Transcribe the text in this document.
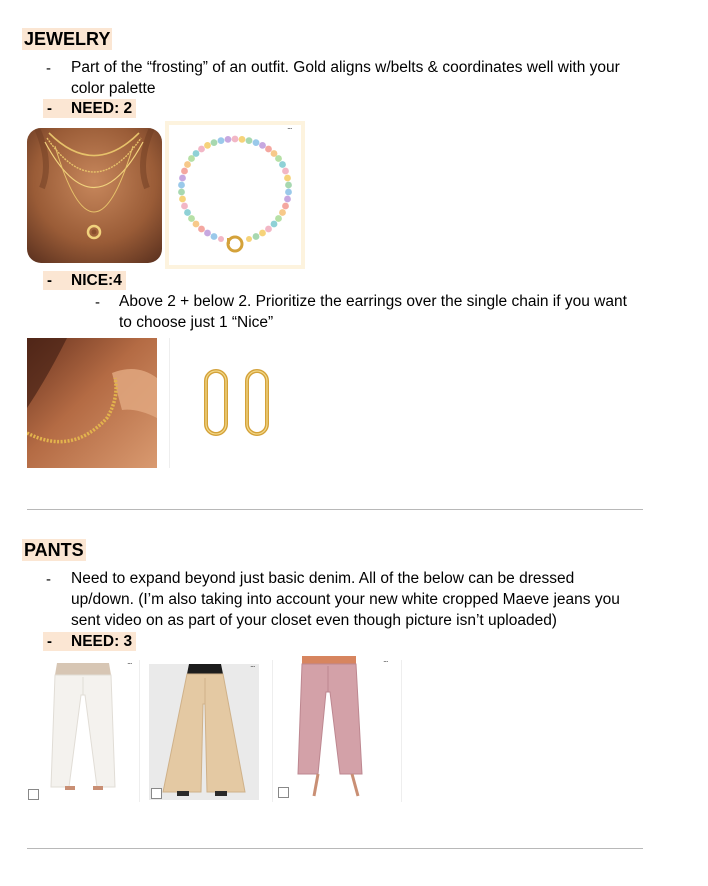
JEWELRY
- Part of the “frosting” of an outfit. Gold aligns w/belts & coordinates well with your
color palette
-	NEED: 2
...
-	NICE:4
- Above 2 + below 2. Prioritize the earrings over the single chain if you want
to choose just 1 “Nice”
PANTS
- Need to expand beyond just basic denim. All of the below can be dressed
up/down. (I’m also taking into account your new white cropped Maeve jeans you
sent video on as part of your closet even though picture isn’t uploaded)
-	NEED: 3
...	...	...
